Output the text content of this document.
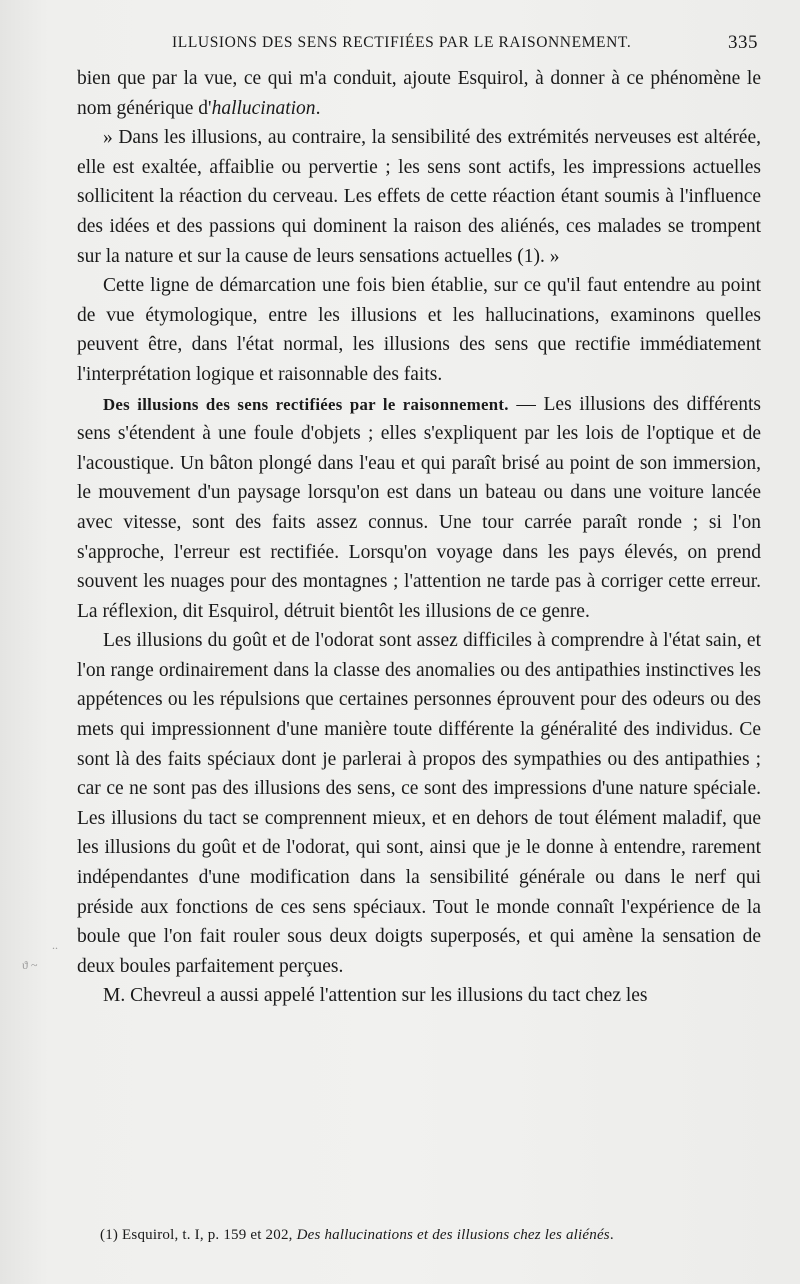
ILLUSIONS DES SENS RECTIFIÉES PAR LE RAISONNEMENT.	335

bien que par la vue, ce qui m'a conduit, ajoute Esquirol, à donner à ce phénomène le nom générique d'hallucination.

» Dans les illusions, au contraire, la sensibilité des extrémités nerveuses est altérée, elle est exaltée, affaiblie ou pervertie ; les sens sont actifs, les impressions actuelles sollicitent la réaction du cerveau. Les effets de cette réaction étant soumis à l'influence des idées et des passions qui dominent la raison des aliénés, ces malades se trompent sur la nature et sur la cause de leurs sensations actuelles (1). »

Cette ligne de démarcation une fois bien établie, sur ce qu'il faut entendre au point de vue étymologique, entre les illusions et les hallucinations, examinons quelles peuvent être, dans l'état normal, les illusions des sens que rectifie immédiatement l'interprétation logique et raisonnable des faits.

Des illusions des sens rectifiées par le raisonnement. — Les illusions des différents sens s'étendent à une foule d'objets ; elles s'expliquent par les lois de l'optique et de l'acoustique. Un bâton plongé dans l'eau et qui paraît brisé au point de son immersion, le mouvement d'un paysage lorsqu'on est dans un bateau ou dans une voiture lancée avec vitesse, sont des faits assez connus. Une tour carrée paraît ronde ; si l'on s'approche, l'erreur est rectifiée. Lorsqu'on voyage dans les pays élevés, on prend souvent les nuages pour des montagnes ; l'attention ne tarde pas à corriger cette erreur. La réflexion, dit Esquirol, détruit bientôt les illusions de ce genre.

Les illusions du goût et de l'odorat sont assez difficiles à comprendre à l'état sain, et l'on range ordinairement dans la classe des anomalies ou des antipathies instinctives les appétences ou les répulsions que certaines personnes éprouvent pour des odeurs ou des mets qui impressionnent d'une manière toute différente la généralité des individus. Ce sont là des faits spéciaux dont je parlerai à propos des sympathies ou des antipathies ; car ce ne sont pas des illusions des sens, ce sont des impressions d'une nature spéciale. Les illusions du tact se comprennent mieux, et en dehors de tout élément maladif, que les illusions du goût et de l'odorat, qui sont, ainsi que je le donne à entendre, rarement indépendantes d'une modification dans la sensibilité générale ou dans le nerf qui préside aux fonctions de ces sens spéciaux. Tout le monde connaît l'expérience de la boule que l'on fait rouler sous deux doigts superposés, et qui amène la sensation de deux boules parfaitement perçues.

M. Chevreul a aussi appelé l'attention sur les illusions du tact chez les

ϑ ~
..
(1) Esquirol, t. I, p. 159 et 202, Des hallucinations et des illusions chez les aliénés.
